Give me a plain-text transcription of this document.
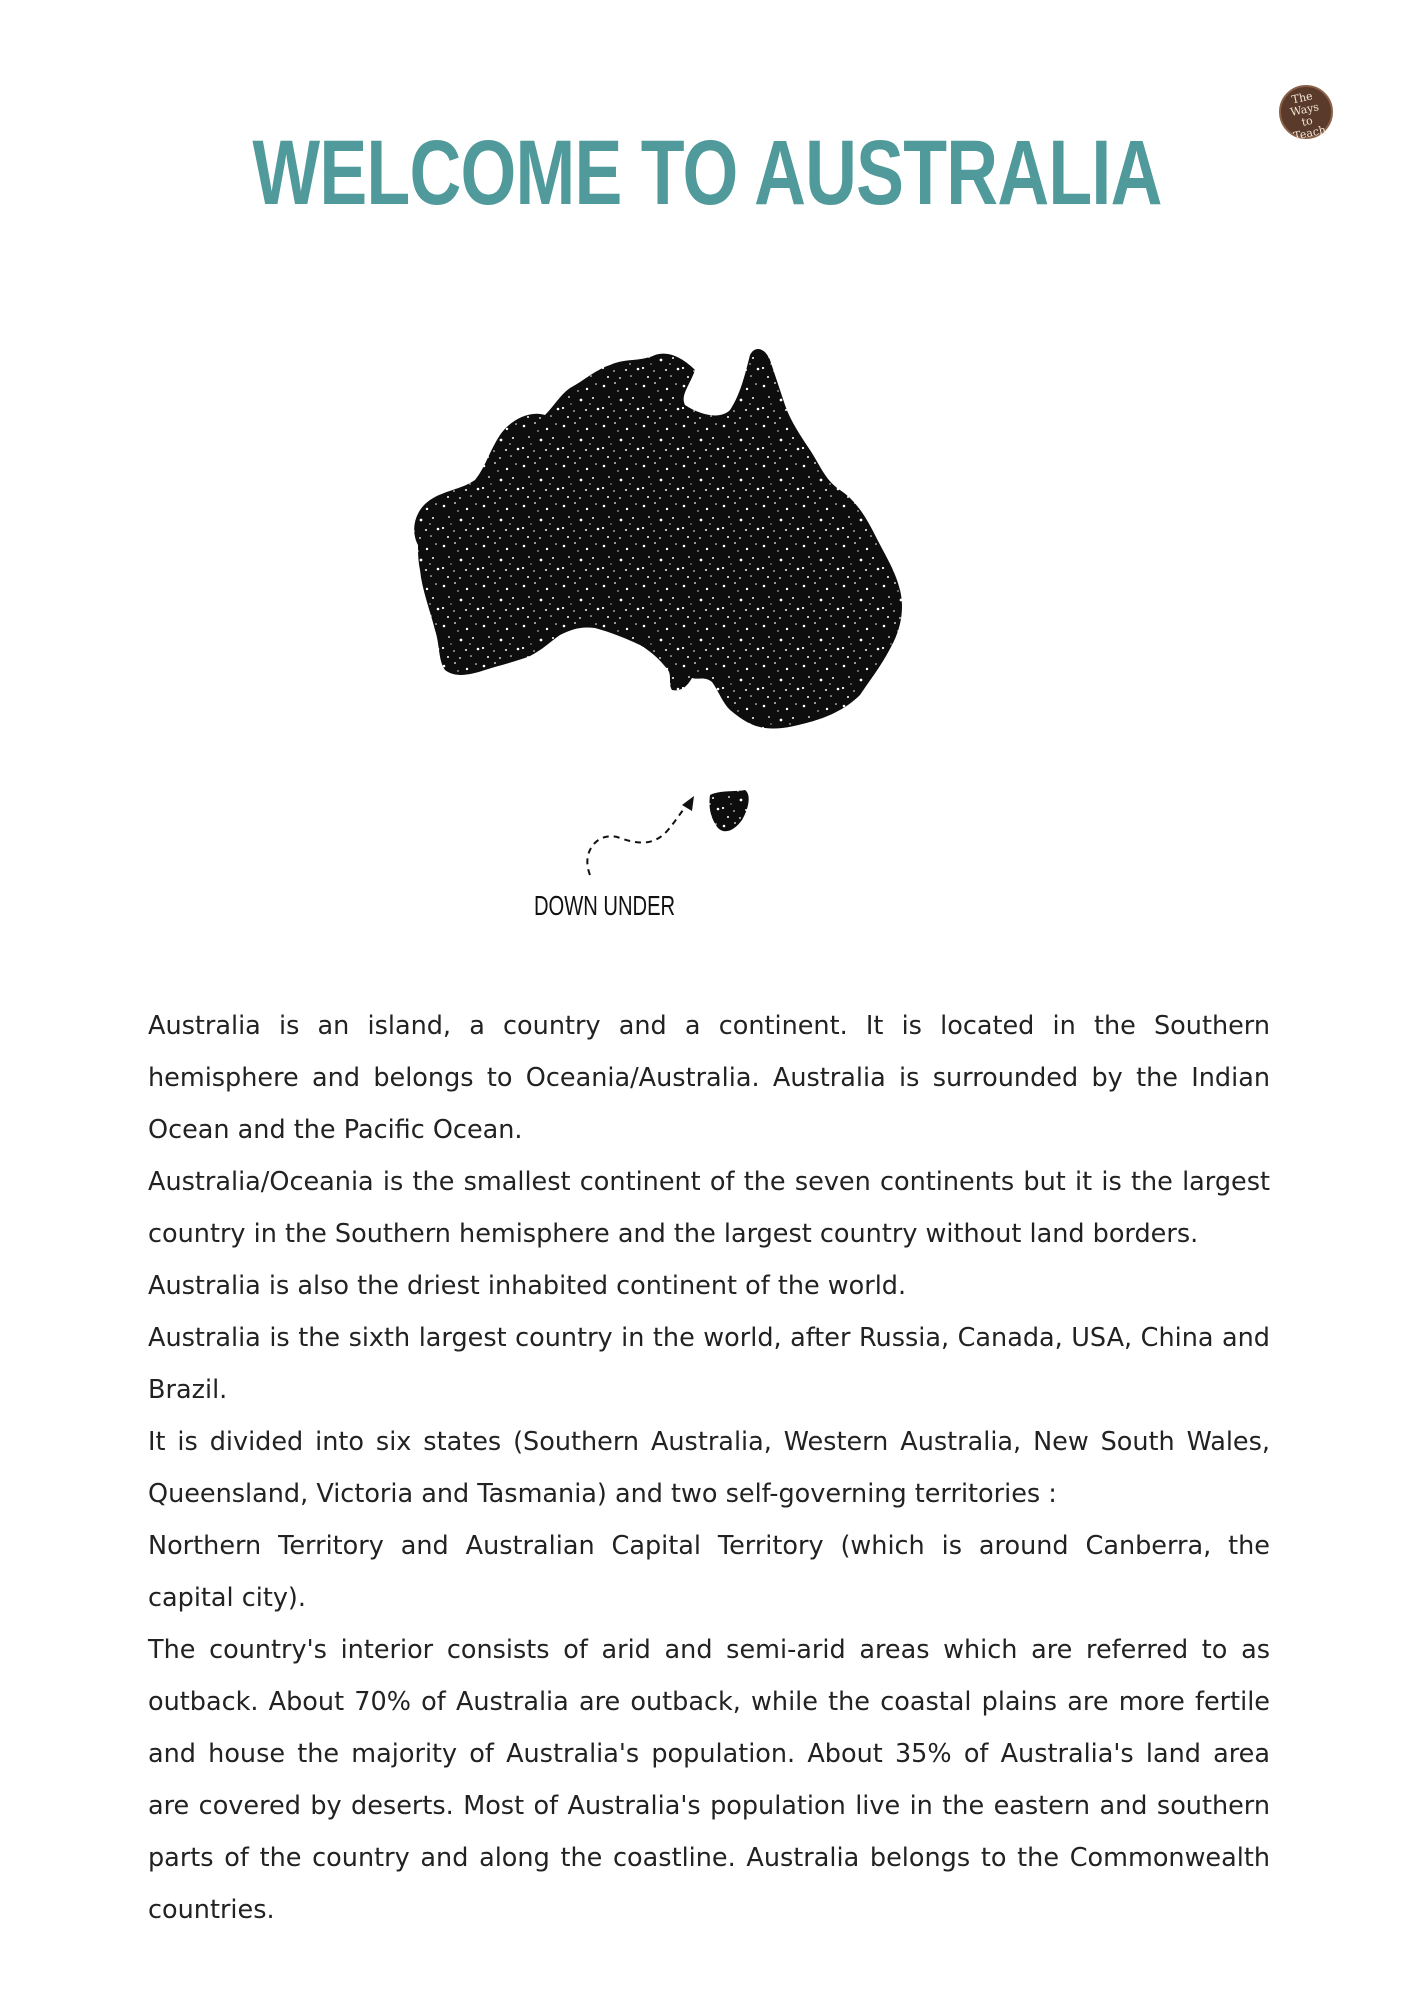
The
Ways
to Teach
WELCOME TO AUSTRALIA
DOWN UNDER

Australia is an island, a country and a continent. It is located in the Southern hemisphere and belongs to Oceania/Australia. Australia is surrounded by the Indian Ocean and the Pacific Ocean.

Australia/Oceania is the smallest continent of the seven continents but it is the largest country in the Southern hemisphere and the largest country without land borders.

Australia is also the driest inhabited continent of the world.

Australia is the sixth largest country in the world, after Russia, Canada, USA, China and Brazil.

It is divided into six states (Southern Australia, Western Australia, New South Wales, Queensland, Victoria and Tasmania) and two self-governing territories :

Northern Territory and Australian Capital Territory (which is around Canberra, the capital city).

The country's interior consists of arid and semi-arid areas which are referred to as outback. About 70% of Australia are outback, while the coastal plains are more fertile and house the majority of Australia's population. About 35% of Australia's land area are covered by deserts. Most of Australia's population live in the eastern and southern parts of the country and along the coastline. Australia belongs to the Commonwealth countries.
